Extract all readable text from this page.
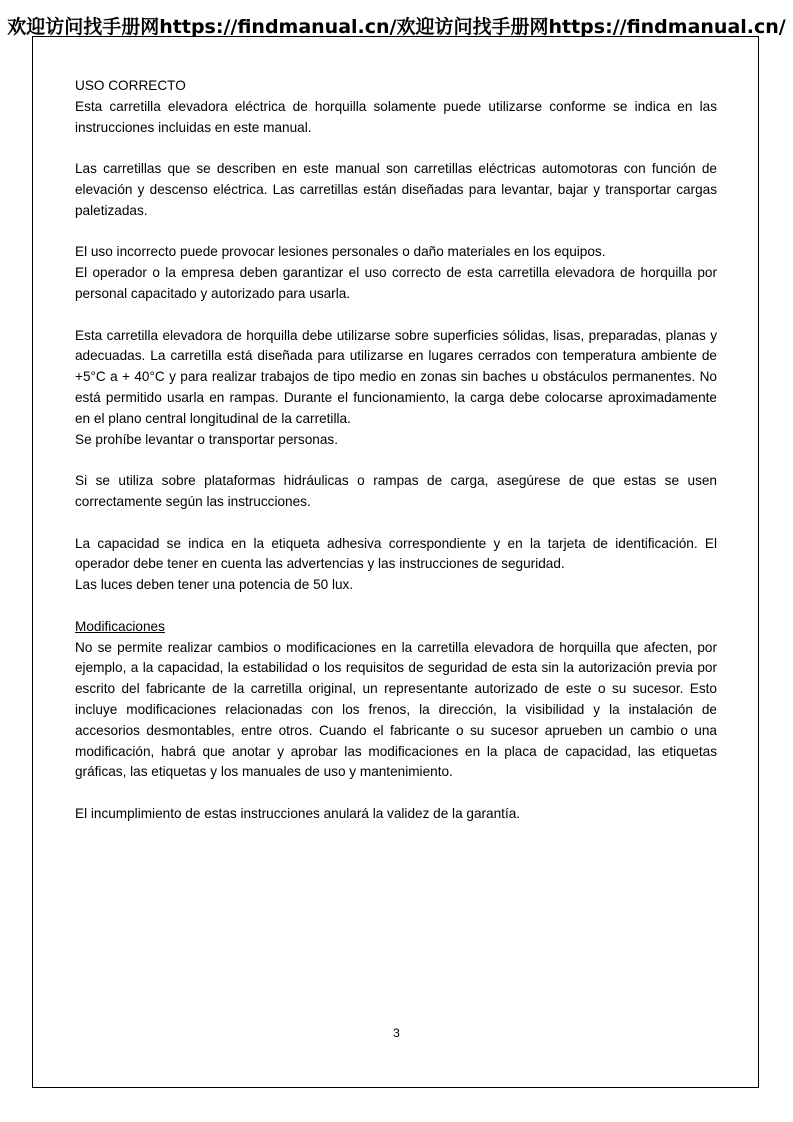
欢迎访问找手册网https://findmanual.cn/欢迎访问找手册网https://findmanual.cn/

USO CORRECTO
Esta carretilla elevadora eléctrica de horquilla solamente puede utilizarse conforme se indica en las instrucciones incluidas en este manual.

Las carretillas que se describen en este manual son carretillas eléctricas automotoras con función de elevación y descenso eléctrica. Las carretillas están diseñadas para levantar, bajar y transportar cargas paletizadas.

El uso incorrecto puede provocar lesiones personales o daño materiales en los equipos.
El operador o la empresa deben garantizar el uso correcto de esta carretilla elevadora de horquilla por personal capacitado y autorizado para usarla.

Esta carretilla elevadora de horquilla debe utilizarse sobre superficies sólidas, lisas, preparadas, planas y adecuadas. La carretilla está diseñada para utilizarse en lugares cerrados con temperatura ambiente de +5°C a + 40°C y para realizar trabajos de tipo medio en zonas sin baches u obstáculos permanentes. No está permitido usarla en rampas. Durante el funcionamiento, la carga debe colocarse aproximadamente en el plano central longitudinal de la carretilla.
Se prohíbe levantar o transportar personas.

Si se utiliza sobre plataformas hidráulicas o rampas de carga, asegúrese de que estas se usen correctamente según las instrucciones.

La capacidad se indica en la etiqueta adhesiva correspondiente y en la tarjeta de identificación. El operador debe tener en cuenta las advertencias y las instrucciones de seguridad.
Las luces deben tener una potencia de 50 lux.

Modificaciones
No se permite realizar cambios o modificaciones en la carretilla elevadora de horquilla que afecten, por ejemplo, a la capacidad, la estabilidad o los requisitos de seguridad de esta sin la autorización previa por escrito del fabricante de la carretilla original, un representante autorizado de este o su sucesor. Esto incluye modificaciones relacionadas con los frenos, la dirección, la visibilidad y la instalación de accesorios desmontables, entre otros. Cuando el fabricante o su sucesor aprueben un cambio o una modificación, habrá que anotar y aprobar las modificaciones en la placa de capacidad, las etiquetas gráficas, las etiquetas y los manuales de uso y mantenimiento.

El incumplimiento de estas instrucciones anulará la validez de la garantía.

3
